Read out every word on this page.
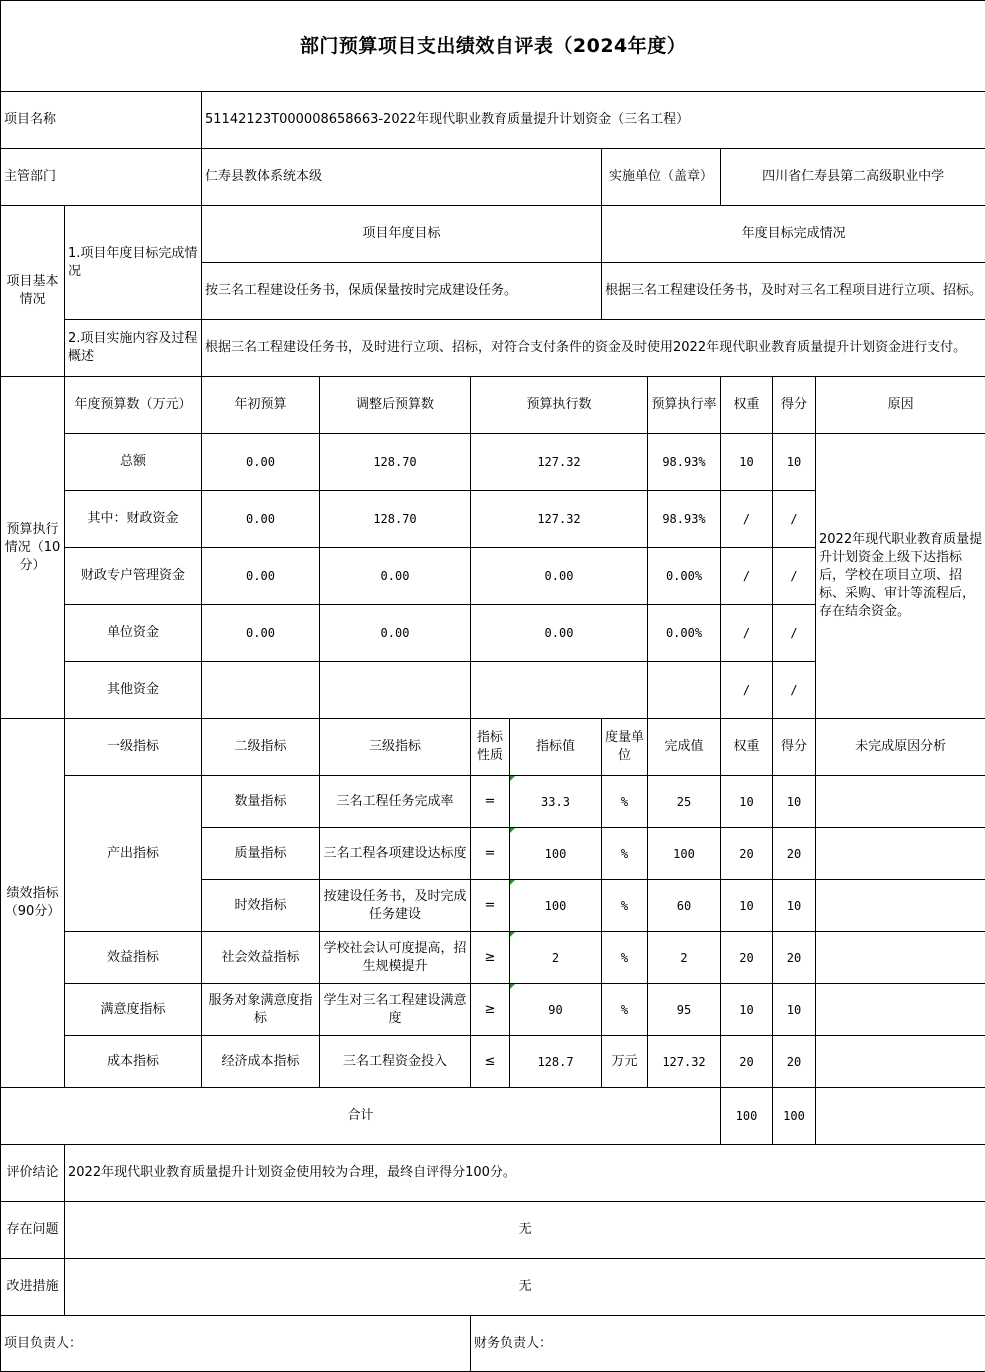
部门预算项目支出绩效自评表（2024年度）										
项目名称		51142123T000008658663-2022年现代职业教育质量提升计划资金（三名工程）								
主管部门		仁寿县教体系统本级				实施单位（盖章）		四川省仁寿县第二高级职业中学		
项目基本情况	1.项目年度目标完成情况	项目年度目标				年度目标完成情况				
		按三名工程建设任务书，保质保量按时完成建设任务。				根据三名工程建设任务书，及时对三名工程项目进行立项、招标。				
	2.项目实施内容及过程概述	根据三名工程建设任务书，及时进行立项、招标，对符合支付条件的资金及时使用2022年现代职业教育质量提升计划资金进行支付。								
预算执行情况（10分）	年度预算数（万元）	年初预算	调整后预算数	预算执行数			预算执行率	权重	得分	原因
	总额	0.00	128.70	127.32			98.93%	10	10	2022年现代职业教育质量提升计划资金上级下达指标后，学校在项目立项、招标、采购、审计等流程后，存在结余资金。
	其中：财政资金	0.00	128.70	127.32			98.93%	/	/	
	财政专户管理资金	0.00	0.00	0.00			0.00%	/	/	
	单位资金	0.00	0.00	0.00			0.00%	/	/	
	其他资金							/	/	
绩效指标（90分）	一级指标	二级指标	三级指标	指标性质	指标值	度量单位	完成值	权重	得分	未完成原因分析
	产出指标	数量指标	三名工程任务完成率	=	33.3	%	25	10	10	
		质量指标	三名工程各项建设达标度	=	100	%	100	20	20	
		时效指标	按建设任务书，及时完成任务建设	=	100	%	60	10	10	
	效益指标	社会效益指标	学校社会认可度提高，招生规模提升	≥	2	%	2	20	20	
	满意度指标	服务对象满意度指标	学生对三名工程建设满意度	≥	90	%	95	10	10	
	成本指标	经济成本指标	三名工程资金投入	≤	128.7	万元	127.32	20	20	
合计								100	100	
评价结论	2022年现代职业教育质量提升计划资金使用较为合理，最终自评得分100分。									
存在问题	无									
改进措施	无									
项目负责人：				财务负责人：						
